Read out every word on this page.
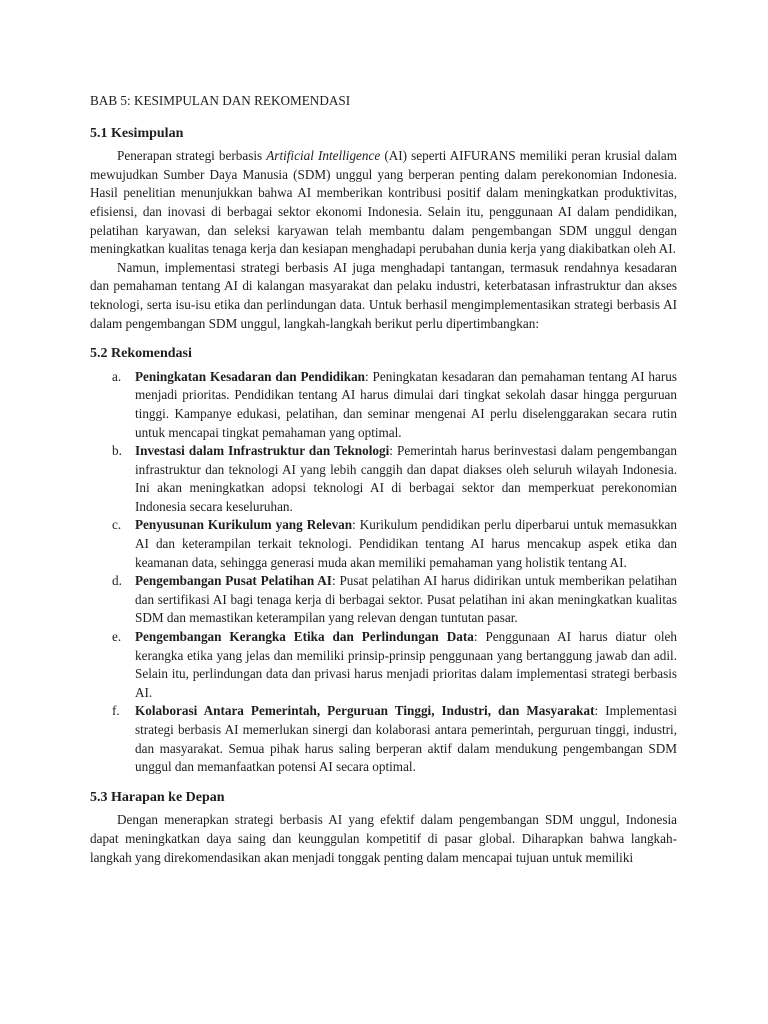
BAB 5: KESIMPULAN DAN REKOMENDASI

5.1 Kesimpulan

Penerapan strategi berbasis Artificial Intelligence (AI) seperti AIFURANS memiliki peran krusial dalam mewujudkan Sumber Daya Manusia (SDM) unggul yang berperan penting dalam perekonomian Indonesia. Hasil penelitian menunjukkan bahwa AI memberikan kontribusi positif dalam meningkatkan produktivitas, efisiensi, dan inovasi di berbagai sektor ekonomi Indonesia. Selain itu, penggunaan AI dalam pendidikan, pelatihan karyawan, dan seleksi karyawan telah membantu dalam pengembangan SDM unggul dengan meningkatkan kualitas tenaga kerja dan kesiapan menghadapi perubahan dunia kerja yang diakibatkan oleh AI.

Namun, implementasi strategi berbasis AI juga menghadapi tantangan, termasuk rendahnya kesadaran dan pemahaman tentang AI di kalangan masyarakat dan pelaku industri, keterbatasan infrastruktur dan akses teknologi, serta isu-isu etika dan perlindungan data. Untuk berhasil mengimplementasikan strategi berbasis AI dalam pengembangan SDM unggul, langkah-langkah berikut perlu dipertimbangkan:

5.2 Rekomendasi
a. Peningkatan Kesadaran dan Pendidikan: Peningkatan kesadaran dan pemahaman tentang AI harus menjadi prioritas. Pendidikan tentang AI harus dimulai dari tingkat sekolah dasar hingga perguruan tinggi. Kampanye edukasi, pelatihan, dan seminar mengenai AI perlu diselenggarakan secara rutin untuk mencapai tingkat pemahaman yang optimal.
b. Investasi dalam Infrastruktur dan Teknologi: Pemerintah harus berinvestasi dalam pengembangan infrastruktur dan teknologi AI yang lebih canggih dan dapat diakses oleh seluruh wilayah Indonesia. Ini akan meningkatkan adopsi teknologi AI di berbagai sektor dan memperkuat perekonomian Indonesia secara keseluruhan.
c. Penyusunan Kurikulum yang Relevan: Kurikulum pendidikan perlu diperbarui untuk memasukkan AI dan keterampilan terkait teknologi. Pendidikan tentang AI harus mencakup aspek etika dan keamanan data, sehingga generasi muda akan memiliki pemahaman yang holistik tentang AI.
d. Pengembangan Pusat Pelatihan AI: Pusat pelatihan AI harus didirikan untuk memberikan pelatihan dan sertifikasi AI bagi tenaga kerja di berbagai sektor. Pusat pelatihan ini akan meningkatkan kualitas SDM dan memastikan keterampilan yang relevan dengan tuntutan pasar.
e. Pengembangan Kerangka Etika dan Perlindungan Data: Penggunaan AI harus diatur oleh kerangka etika yang jelas dan memiliki prinsip-prinsip penggunaan yang bertanggung jawab dan adil. Selain itu, perlindungan data dan privasi harus menjadi prioritas dalam implementasi strategi berbasis AI.
f. Kolaborasi Antara Pemerintah, Perguruan Tinggi, Industri, dan Masyarakat: Implementasi strategi berbasis AI memerlukan sinergi dan kolaborasi antara pemerintah, perguruan tinggi, industri, dan masyarakat. Semua pihak harus saling berperan aktif dalam mendukung pengembangan SDM unggul dan memanfaatkan potensi AI secara optimal.
5.3 Harapan ke Depan

Dengan menerapkan strategi berbasis AI yang efektif dalam pengembangan SDM unggul, Indonesia dapat meningkatkan daya saing dan keunggulan kompetitif di pasar global. Diharapkan bahwa langkah-langkah yang direkomendasikan akan menjadi tonggak penting dalam mencapai tujuan untuk memiliki
